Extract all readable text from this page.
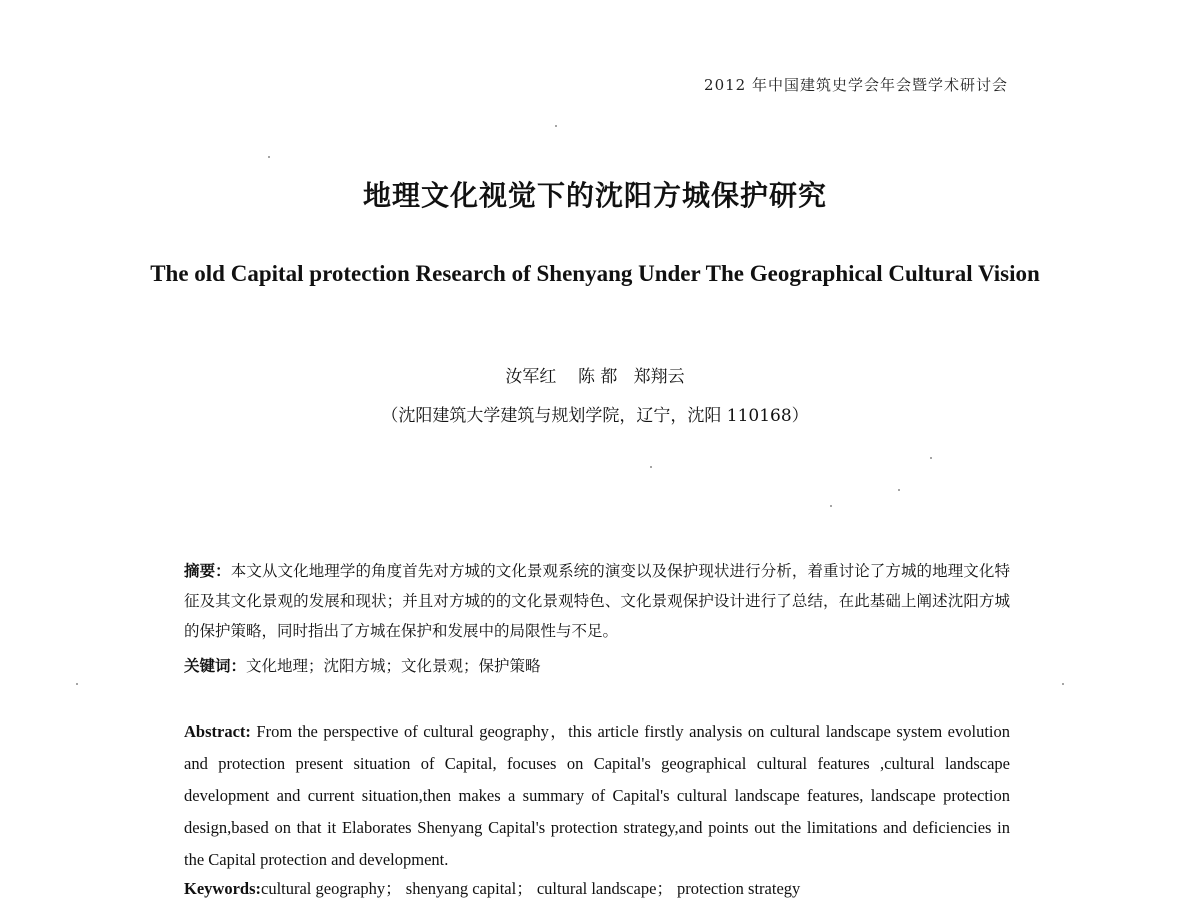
2012 年中国建筑史学会年会暨学术研讨会
地理文化视觉下的沈阳方城保护研究
The old Capital protection Research of Shenyang Under The Geographical Cultural Vision
汝军红    陈 都   郑翔云
（沈阳建筑大学建筑与规划学院，辽宁，沈阳 110168）
摘要：本文从文化地理学的角度首先对方城的文化景观系统的演变以及保护现状进行分析，着重讨论了方城的地理文化特征及其文化景观的发展和现状；并且对方城的的文化景观特色、文化景观保护设计进行了总结，在此基础上阐述沈阳方城的保护策略，同时指出了方城在保护和发展中的局限性与不足。
关键词：文化地理；沈阳方城；文化景观；保护策略
Abstract: From the perspective of cultural geography，this article firstly analysis on cultural landscape system evolution and protection present situation of Capital, focuses on Capital's geographical cultural features ,cultural landscape development and current situation,then makes a summary of Capital's cultural landscape features, landscape protection design,based on that it Elaborates Shenyang Capital's protection strategy,and points out the limitations and deficiencies in the Capital protection and development.
Keywords:cultural geography； shenyang capital； cultural landscape； protection strategy
